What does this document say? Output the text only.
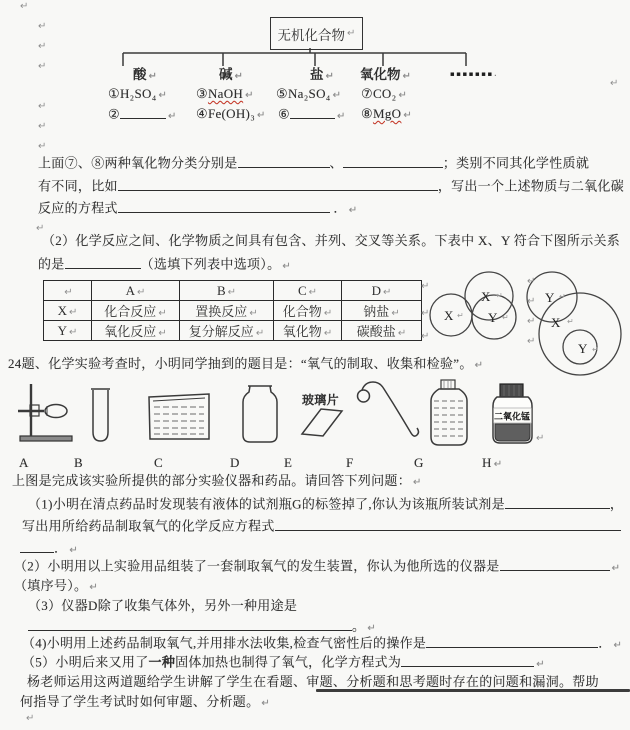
X
X
Y
Y
X
Y
↵
↵
↵
↵
↵
↵
二氧化锰
无机化合物 ↵
酸 ↵	碱 ↵	盐 ↵ 氧化物 ↵	▪▪▪▪▪▪▪.
①H₂SO₄ ↵ ③NaOH ↵ ⑤Na₂SO₄ ↵ ⑦CO₂ ↵
②	↵ ④Fe(OH)₃ ↵ ⑥	↵ ⑧MgO ↵
上面⑦、⑧两种氧化物分类分别是	、	；类别不同其化学性质就
有不同，比如	，写出一个上述物质与二氧化碳
反应的方程式	． ↵
（2）化学反应之间、化学物质之间具有包含、并列、交叉等关系。下表中 X、Y 符合下图所示关系
的是	（选填下列表中选项）。 ↵
↵	A ↵	B ↵	C ↵	D ↵
X ↵	化合反应 ↵	置换反应 ↵	化合物 ↵	钠盐 ↵
Y ↵	氧化反应 ↵	复分解反应 ↵	氧化物 ↵	碳酸盐 ↵
24题、化学实验考查时，小明同学抽到的题目是：“氧气的制取、收集和检验”。 ↵
玻璃片
A	B	C	D	E	F	G	H ↵
上图是完成该实验所提供的部分实验仪器和药品。请回答下列问题： ↵
（1)小明在清点药品时发现装有液体的试剂瓶G的标签掉了,你认为该瓶所装试剂是	，
写出用所给药品制取氧气的化学反应方程式
． ↵
（2）小明用以上实验用品组装了一套制取氧气的发生装置，你认为他所选的仪器是	↵
（填序号）。 ↵
（3）仪器D除了收集气体外，另外一种用途是
。 ↵
（4)小明用上述药品制取氧气,并用排水法收集,检查气密性后的操作是	． ↵
（5）小明后来又用了一种固体加热也制得了氧气，化学方程式为	↵
杨老师运用这两道题给学生讲解了学生在看题、审题、分析题和思考题时存在的问题和漏洞。帮助
何指导了学生考试时如何审题、分析题。 ↵
↵
↵
↵
↵
↵
↵
↵
↵
↵
↵
↵
↵
↵
↵
↵
↵
↵
↵
